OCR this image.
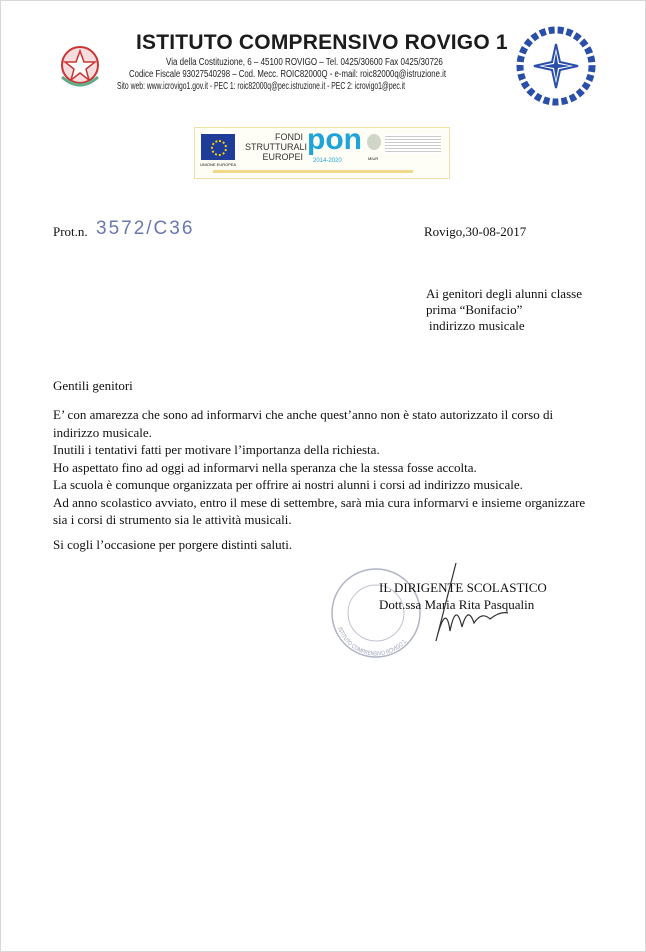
ISTITUTO COMPRENSIVO ROVIGO 1
Via della Costituzione, 6 – 45100 ROVIGO – Tel. 0425/30600 Fax 0425/30726
Codice Fiscale 93027540298 – Cod. Mecc. ROIC82000Q - e-mail: roic82000q@istruzione.it
Sito web: www.icrovigo1.gov.it - PEC 1: roic82000q@pec.istruzione.it - PEC 2: icrovigo1@pec.it
UNIONE EUROPEA
FONDI
STRUTTURALI
EUROPEI
pon
2014-2020	MIUR
Prot.n. 3572/C36	Rovigo,30-08-2017
Ai genitori degli alunni classe
prima “Bonifacio”
indirizzo musicale
Gentili genitori
E’ con amarezza che sono ad informarvi che anche quest’anno non è stato autorizzato il corso di indirizzo musicale.
Inutili i tentativi fatti per motivare l’importanza della richiesta.
Ho aspettato fino ad oggi ad informarvi nella speranza che la stessa fosse accolta.
La scuola è comunque organizzata per offrire ai nostri alunni i corsi ad indirizzo musicale.
Ad anno scolastico avviato, entro il mese di settembre, sarà mia cura informarvi e insieme organizzare sia i corsi di strumento sia le attività musicali.
Si cogli l’occasione per porgere distinti saluti.
ISTITUTO COMPRENSIVO ROVIGO 1
IL DIRIGENTE SCOLASTICO
Dott.ssa Maria Rita Pasqualin
